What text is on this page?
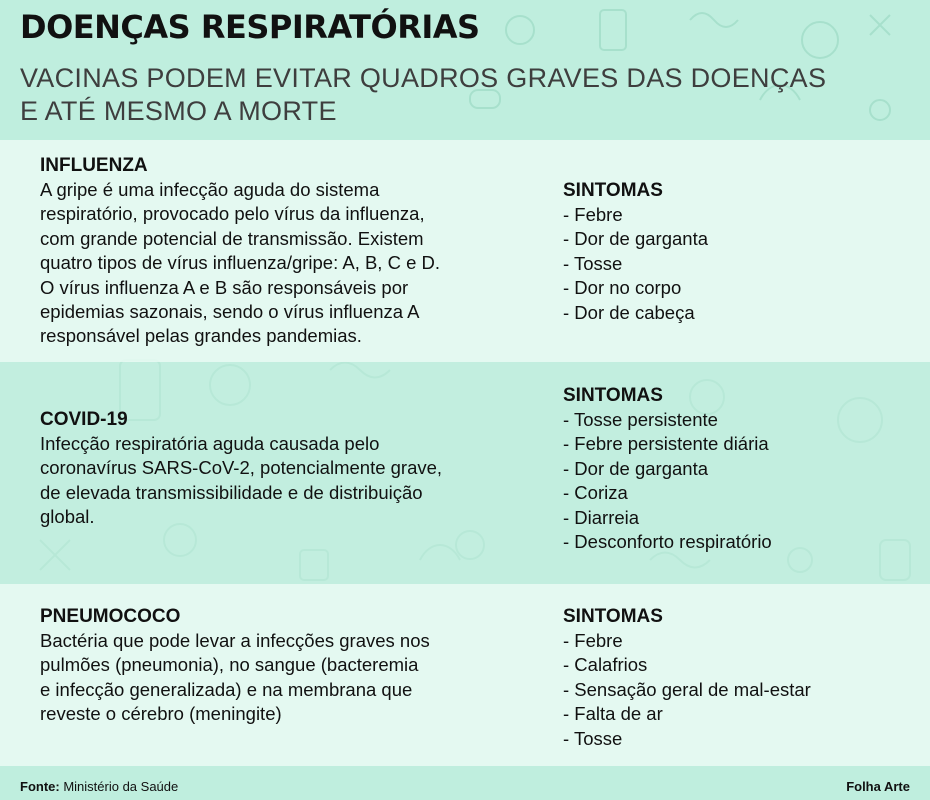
DOENÇAS RESPIRATÓRIAS
VACINAS PODEM EVITAR QUADROS GRAVES DAS DOENÇAS
E ATÉ MESMO A MORTE
INFLUENZA
A gripe é uma infecção aguda do sistema
respiratório, provocado pelo vírus da influenza,
com grande potencial de transmissão. Existem
quatro tipos de vírus influenza/gripe: A, B, C e D.
O vírus influenza A e B são responsáveis por
epidemias sazonais, sendo o vírus influenza A
responsável pelas grandes pandemias.
SINTOMAS
- Febre
- Dor de garganta
- Tosse
- Dor no corpo
- Dor de cabeça
COVID-19
Infecção respiratória aguda causada pelo
coronavírus SARS-CoV-2, potencialmente grave,
de elevada transmissibilidade e de distribuição
global.
SINTOMAS
- Tosse persistente
- Febre persistente diária
- Dor de garganta
- Coriza
- Diarreia
- Desconforto respiratório
PNEUMOCOCO
Bactéria que pode levar a infecções graves nos
pulmões (pneumonia), no sangue (bacteremia
e infecção generalizada) e na membrana que
reveste o cérebro (meningite)
SINTOMAS
- Febre
- Calafrios
- Sensação geral de mal-estar
- Falta de ar
- Tosse
Fonte: Ministério da Saúde	Folha Arte
